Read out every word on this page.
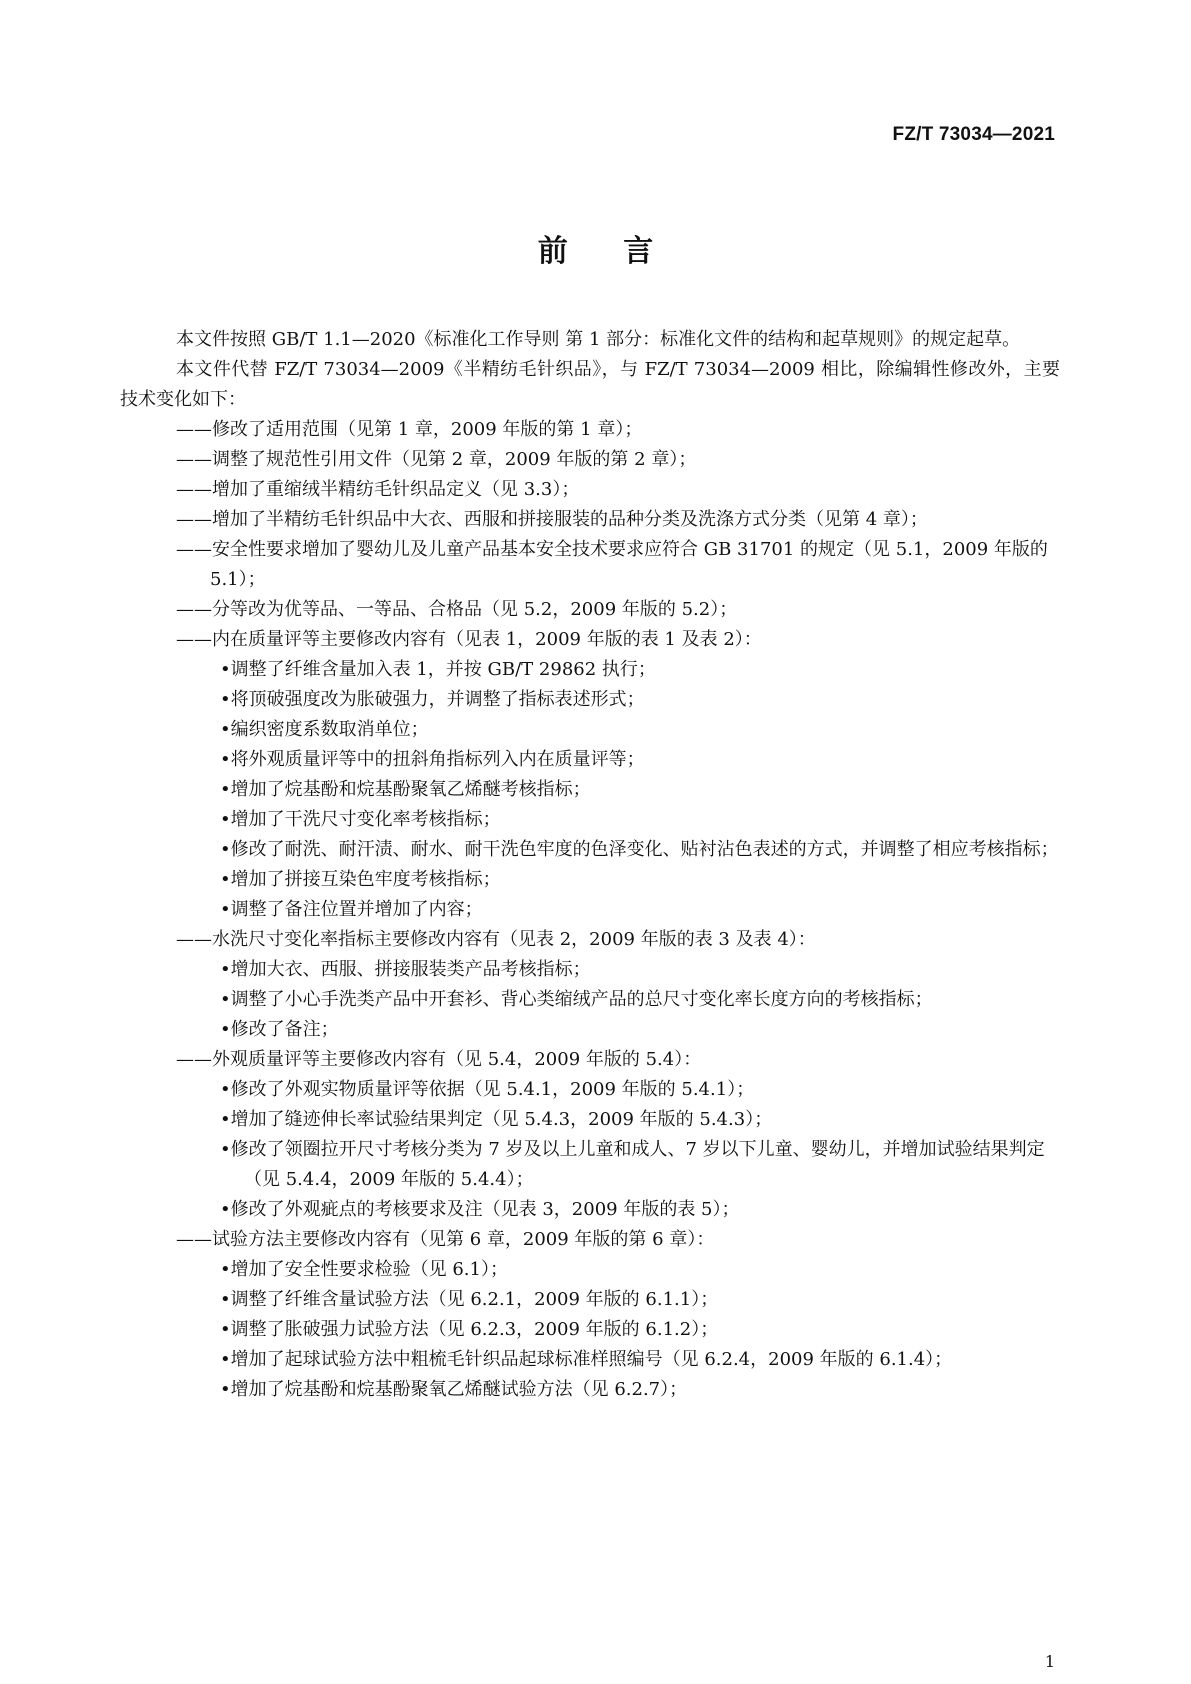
FZ/T 73034—2021
前 言
本文件按照 GB/T 1.1—2020《标准化工作导则 第 1 部分：标准化文件的结构和起草规则》的规定起草。
本文件代替 FZ/T 73034—2009《半精纺毛针织品》，与 FZ/T 73034—2009 相比，除编辑性修改外，主要技术变化如下：
——修改了适用范围（见第 1 章，2009 年版的第 1 章）；
——调整了规范性引用文件（见第 2 章，2009 年版的第 2 章）；
——增加了重缩绒半精纺毛针织品定义（见 3.3）；
——增加了半精纺毛针织品中大衣、西服和拼接服装的品种分类及洗涤方式分类（见第 4 章）；
——安全性要求增加了婴幼儿及儿童产品基本安全技术要求应符合 GB 31701 的规定（见 5.1，2009 年版的 5.1）；
——分等改为优等品、一等品、合格品（见 5.2，2009 年版的 5.2）；
——内在质量评等主要修改内容有（见表 1，2009 年版的表 1 及表 2）：
•调整了纤维含量加入表 1，并按 GB/T 29862 执行；
•将顶破强度改为胀破强力，并调整了指标表述形式；
•编织密度系数取消单位；
•将外观质量评等中的扭斜角指标列入内在质量评等；
•增加了烷基酚和烷基酚聚氧乙烯醚考核指标；
•增加了干洗尺寸变化率考核指标；
•修改了耐洗、耐汗渍、耐水、耐干洗色牢度的色泽变化、贴衬沾色表述的方式，并调整了相应考核指标；
•增加了拼接互染色牢度考核指标；
•调整了备注位置并增加了内容；
——水洗尺寸变化率指标主要修改内容有（见表 2，2009 年版的表 3 及表 4）：
•增加大衣、西服、拼接服装类产品考核指标；
•调整了小心手洗类产品中开套衫、背心类缩绒产品的总尺寸变化率长度方向的考核指标；
•修改了备注；
——外观质量评等主要修改内容有（见 5.4，2009 年版的 5.4）：
•修改了外观实物质量评等依据（见 5.4.1，2009 年版的 5.4.1）；
•增加了缝迹伸长率试验结果判定（见 5.4.3，2009 年版的 5.4.3）；
•修改了领圈拉开尺寸考核分类为 7 岁及以上儿童和成人、7 岁以下儿童、婴幼儿，并增加试验结果判定（见 5.4.4，2009 年版的 5.4.4）；
•修改了外观疵点的考核要求及注（见表 3，2009 年版的表 5）；
——试验方法主要修改内容有（见第 6 章，2009 年版的第 6 章）：
•增加了安全性要求检验（见 6.1）；
•调整了纤维含量试验方法（见 6.2.1，2009 年版的 6.1.1）；
•调整了胀破强力试验方法（见 6.2.3，2009 年版的 6.1.2）；
•增加了起球试验方法中粗梳毛针织品起球标准样照编号（见 6.2.4，2009 年版的 6.1.4）；
•增加了烷基酚和烷基酚聚氧乙烯醚试验方法（见 6.2.7）；
1
